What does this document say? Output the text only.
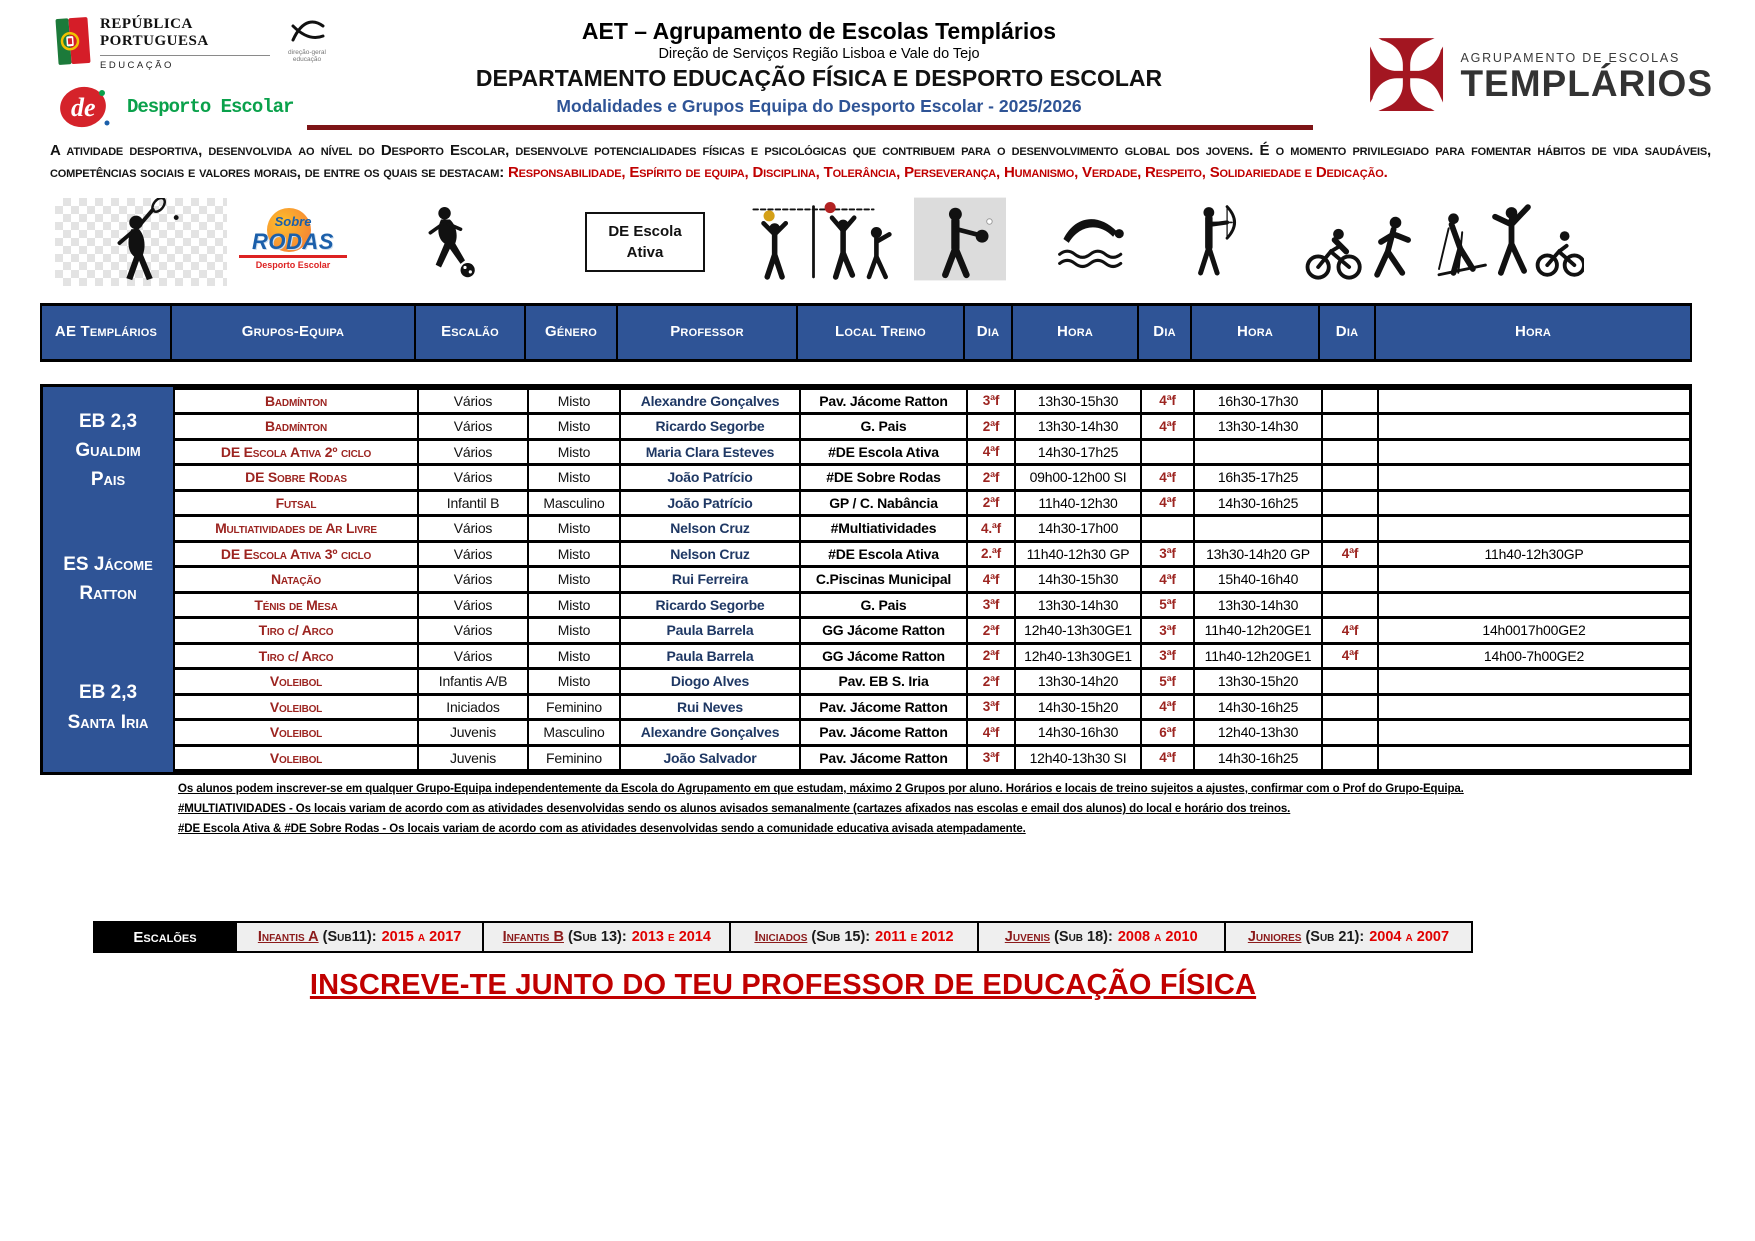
REPÚBLICA
PORTUGUESA
EDUCAÇÃO
direção-geral
educação
de Desporto Escolar
AET – Agrupamento de Escolas Templários
Direção de Serviços Região Lisboa e Vale do Tejo
DEPARTAMENTO EDUCAÇÃO FÍSICA E DESPORTO ESCOLAR
Modalidades e Grupos Equipa do Desporto Escolar - 2025/2026	✠ AGRUPAMENTO DE ESCOLAS
TEMPLÁRIOS

A atividade desportiva, desenvolvida ao nível do Desporto Escolar, desenvolve potencialidades físicas e psicológicas que contribuem para o desenvolvimento global dos jovens. É o momento privilegiado para fomentar hábitos de vida saudáveis, competências sociais e valores morais, de entre os quais se destacam: Responsabilidade, Espírito de equipa, Disciplina, Tolerância, Perseverança, Humanismo, Verdade, Respeito, Solidariedade e Dedicação.

Sobre
RODAS
Desporto Escolar
DE Escola
Ativa
AE Templários	Grupos-Equipa	Escalão	Género	Professor	Local Treino	Dia	Hora	Dia	Hora	Dia	Hora
EB 2,3
Gualdim
Pais
ES Jácome
Ratton
EB 2,3
Santa Iria
Badmínton	Vários	Misto	Alexandre Gonçalves	Pav. Jácome Ratton	3ªf	13h30-15h30	4ªf	16h30-17h30		
Badmínton	Vários	Misto	Ricardo Segorbe	G. Pais	2ªf	13h30-14h30	4ªf	13h30-14h30		
DE Escola Ativa 2º ciclo	Vários	Misto	Maria Clara Esteves	#DE Escola Ativa	4ªf	14h30-17h25				
DE Sobre Rodas	Vários	Misto	João Patrício	#DE Sobre Rodas	2ªf	09h00-12h00 SI	4ªf	16h35-17h25		
Futsal	Infantil B	Masculino	João Patrício	GP / C. Nabância	2ªf	11h40-12h30	4ªf	14h30-16h25		
Multiatividades de Ar Livre	Vários	Misto	Nelson Cruz	#Multiatividades	4.ªf	14h30-17h00				
DE Escola Ativa 3º ciclo	Vários	Misto	Nelson Cruz	#DE Escola Ativa	2.ªf	11h40-12h30 GP	3ªf	13h30-14h20 GP	4ªf	11h40-12h30GP
Natação	Vários	Misto	Rui Ferreira	C.Piscinas Municipal	4ªf	14h30-15h30	4ªf	15h40-16h40		
Ténis de Mesa	Vários	Misto	Ricardo Segorbe	G. Pais	3ªf	13h30-14h30	5ªf	13h30-14h30		
Tiro c/ Arco	Vários	Misto	Paula Barrela	GG Jácome Ratton	2ªf	12h40-13h30GE1	3ªf	11h40-12h20GE1	4ªf	14h0017h00GE2
Tiro c/ Arco	Vários	Misto	Paula Barrela	GG Jácome Ratton	2ªf	12h40-13h30GE1	3ªf	11h40-12h20GE1	4ªf	14h00-7h00GE2
Voleibol	Infantis A/B	Misto	Diogo Alves	Pav. EB S. Iria	2ªf	13h30-14h20	5ªf	13h30-15h20		
Voleibol	Iniciados	Feminino	Rui Neves	Pav. Jácome Ratton	3ªf	14h30-15h20	4ªf	14h30-16h25		
Voleibol	Juvenis	Masculino	Alexandre Gonçalves	Pav. Jácome Ratton	4ªf	14h30-16h30	6ªf	12h40-13h30		
Voleibol	Juvenis	Feminino	João Salvador	Pav. Jácome Ratton	3ªf	12h40-13h30 SI	4ªf	14h30-16h25		
Os alunos podem inscrever-se em qualquer Grupo-Equipa independentemente da Escola do Agrupamento em que estudam, máximo 2 Grupos por aluno. Horários e locais de treino sujeitos a ajustes, confirmar com o Prof do Grupo-Equipa.
#MULTIATIVIDADES - Os locais variam de acordo com as atividades desenvolvidas sendo os alunos avisados semanalmente (cartazes afixados nas escolas e email dos alunos) do local e horário dos treinos.
#DE Escola Ativa & #DE Sobre Rodas - Os locais variam de acordo com as atividades desenvolvidas sendo a comunidade educativa avisada atempadamente.
Escalões	Infantis A (Sub11): 2015 a 2017	Infantis B (Sub 13): 2013 e 2014	Iniciados (Sub 15): 2011 e 2012	Juvenis (Sub 18): 2008 a 2010	Juniores (Sub 21): 2004 a 2007
INSCREVE-TE JUNTO DO TEU PROFESSOR DE EDUCAÇÃO FÍSICA
